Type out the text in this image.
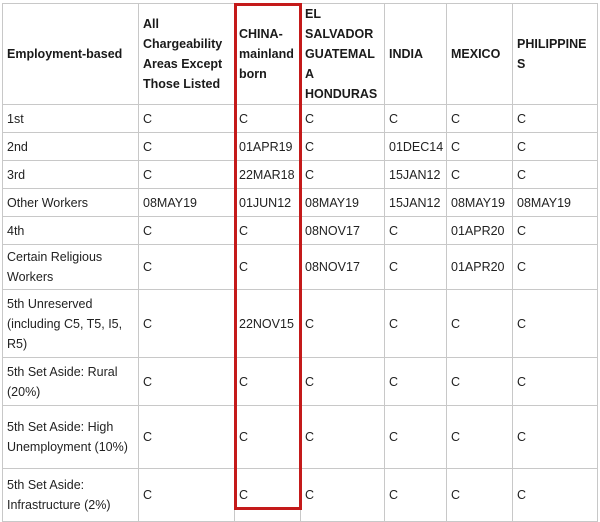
Employment-based	All Chargeability Areas Except Those Listed	CHINA-mainland born	EL SALVADOR GUATEMALA HONDURAS	INDIA	MEXICO	PHILIPPINES
1st	C	C	C	C	C	C
2nd	C	01APR19	C	01DEC14	C	C
3rd	C	22MAR18	C	15JAN12	C	C
Other Workers	08MAY19	01JUN12	08MAY19	15JAN12	08MAY19	08MAY19
4th	C	C	08NOV17	C	01APR20	C
Certain Religious Workers	C	C	08NOV17	C	01APR20	C
5th Unreserved (including C5, T5, I5, R5)	C	22NOV15	C	C	C	C
5th Set Aside: Rural (20%)	C	C	C	C	C	C
5th Set Aside: High Unemployment (10%)	C	C	C	C	C	C
5th Set Aside: Infrastructure (2%)	C	C	C	C	C	C
